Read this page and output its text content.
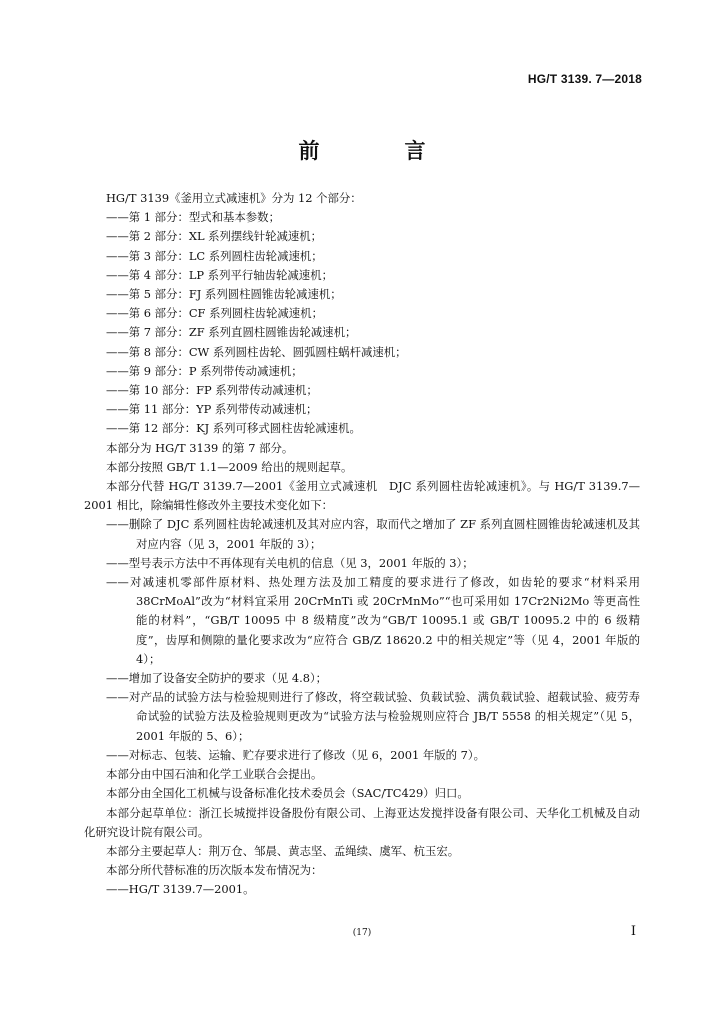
HG/T 3139. 7—2018
前　言

HG/T 3139《釜用立式减速机》分为 12 个部分：

——第 1 部分：型式和基本参数；

——第 2 部分：XL 系列摆线针轮减速机；

——第 3 部分：LC 系列圆柱齿轮减速机；

——第 4 部分：LP 系列平行轴齿轮减速机；

——第 5 部分：FJ 系列圆柱圆锥齿轮减速机；

——第 6 部分：CF 系列圆柱齿轮减速机；

——第 7 部分：ZF 系列直圆柱圆锥齿轮减速机；

——第 8 部分：CW 系列圆柱齿轮、圆弧圆柱蜗杆减速机；

——第 9 部分：P 系列带传动减速机；

——第 10 部分：FP 系列带传动减速机；

——第 11 部分：YP 系列带传动减速机；

——第 12 部分：KJ 系列可移式圆柱齿轮减速机。

本部分为 HG/T 3139 的第 7 部分。

本部分按照 GB/T 1.1—2009 给出的规则起草。

本部分代替 HG/T 3139.7—2001《釜用立式减速机　DJC 系列圆柱齿轮减速机》。与 HG/T 3139.7—2001 相比，除编辑性修改外主要技术变化如下：

——删除了 DJC 系列圆柱齿轮减速机及其对应内容，取而代之增加了 ZF 系列直圆柱圆锥齿轮减速机及其对应内容（见 3，2001 年版的 3）；

——型号表示方法中不再体现有关电机的信息（见 3，2001 年版的 3）；

——对减速机零部件原材料、热处理方法及加工精度的要求进行了修改，如齿轮的要求“材料采用 38CrMoAl”改为“材料宜采用 20CrMnTi 或 20CrMnMo”“也可采用如 17Cr2Ni2Mo 等更高性能的材料”，“GB/T 10095 中 8 级精度”改为“GB/T 10095.1 或 GB/T 10095.2 中的 6 级精度”，齿厚和侧隙的量化要求改为“应符合 GB/Z 18620.2 中的相关规定”等（见 4，2001 年版的 4）；

——增加了设备安全防护的要求（见 4.8）；

——对产品的试验方法与检验规则进行了修改，将空载试验、负载试验、满负载试验、超载试验、疲劳寿命试验的试验方法及检验规则更改为“试验方法与检验规则应符合 JB/T 5558 的相关规定”（见 5，2001 年版的 5、6）；

——对标志、包装、运输、贮存要求进行了修改（见 6，2001 年版的 7）。

本部分由中国石油和化学工业联合会提出。

本部分由全国化工机械与设备标准化技术委员会（SAC/TC429）归口。

本部分起草单位：浙江长城搅拌设备股份有限公司、上海亚达发搅拌设备有限公司、天华化工机械及自动化研究设计院有限公司。

本部分主要起草人：荆万仓、邹晨、黄志坚、孟绳续、虞军、杭玉宏。

本部分所代替标准的历次版本发布情况为：

——HG/T 3139.7—2001。

(17)	I
